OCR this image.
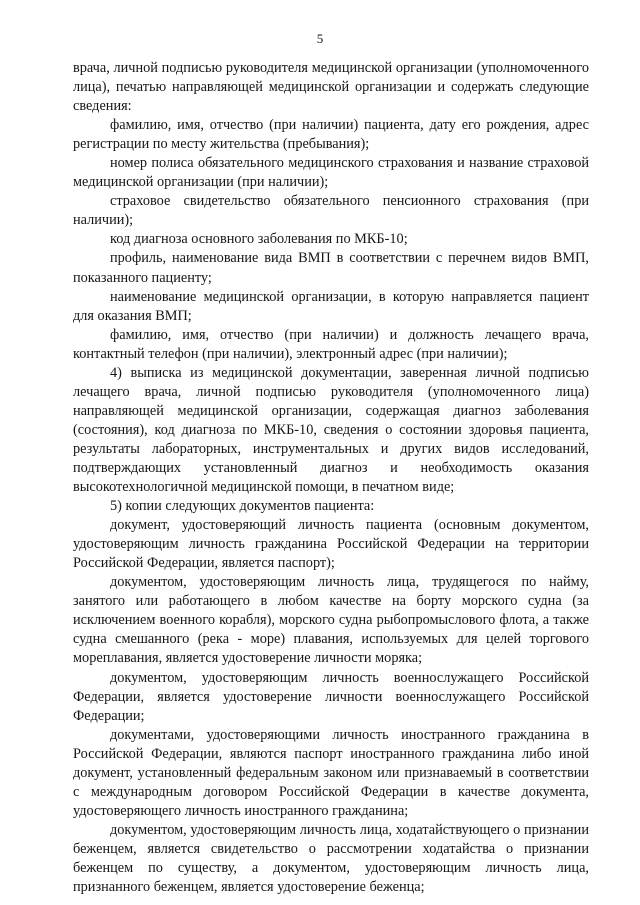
5

врача, личной подписью руководителя медицинской организации (уполномоченного лица), печатью направляющей медицинской организации и содержать следующие сведения:

фамилию, имя, отчество (при наличии) пациента, дату его рождения, адрес регистрации по месту жительства (пребывания);

номер полиса обязательного медицинского страхования и название страховой медицинской организации (при наличии);

страховое свидетельство обязательного пенсионного страхования (при наличии);

код диагноза основного заболевания по МКБ-10;

профиль, наименование вида ВМП в соответствии с перечнем видов ВМП, показанного пациенту;

наименование медицинской организации, в которую направляется пациент для оказания ВМП;

фамилию, имя, отчество (при наличии) и должность лечащего врача, контактный телефон (при наличии), электронный адрес (при наличии);

4) выписка из медицинской документации, заверенная личной подписью лечащего врача, личной подписью руководителя (уполномоченного лица) направляющей медицинской организации, содержащая диагноз заболевания (состояния), код диагноза по МКБ-10, сведения о состоянии здоровья пациента, результаты лабораторных, инструментальных и других видов исследований, подтверждающих установленный диагноз и необходимость оказания высокотехнологичной медицинской помощи, в печатном виде;

5) копии следующих документов пациента:

документ, удостоверяющий личность пациента (основным документом, удостоверяющим личность гражданина Российской Федерации на территории Российской Федерации, является паспорт);

документом, удостоверяющим личность лица, трудящегося по найму, занятого или работающего в любом качестве на борту морского судна (за исключением военного корабля), морского судна рыбопромыслового флота, а также судна смешанного (река - море) плавания, используемых для целей торгового мореплавания, является удостоверение личности моряка;

документом, удостоверяющим личность военнослужащего Российской Федерации, является удостоверение личности военнослужащего Российской Федерации;

документами, удостоверяющими личность иностранного гражданина в Российской Федерации, являются паспорт иностранного гражданина либо иной документ, установленный федеральным законом или признаваемый в соответствии с международным договором Российской Федерации в качестве документа, удостоверяющего личность иностранного гражданина;

документом, удостоверяющим личность лица, ходатайствующего о признании беженцем, является свидетельство о рассмотрении ходатайства о признании беженцем по существу, а документом, удостоверяющим личность лица, признанного беженцем, является удостоверение беженца;
